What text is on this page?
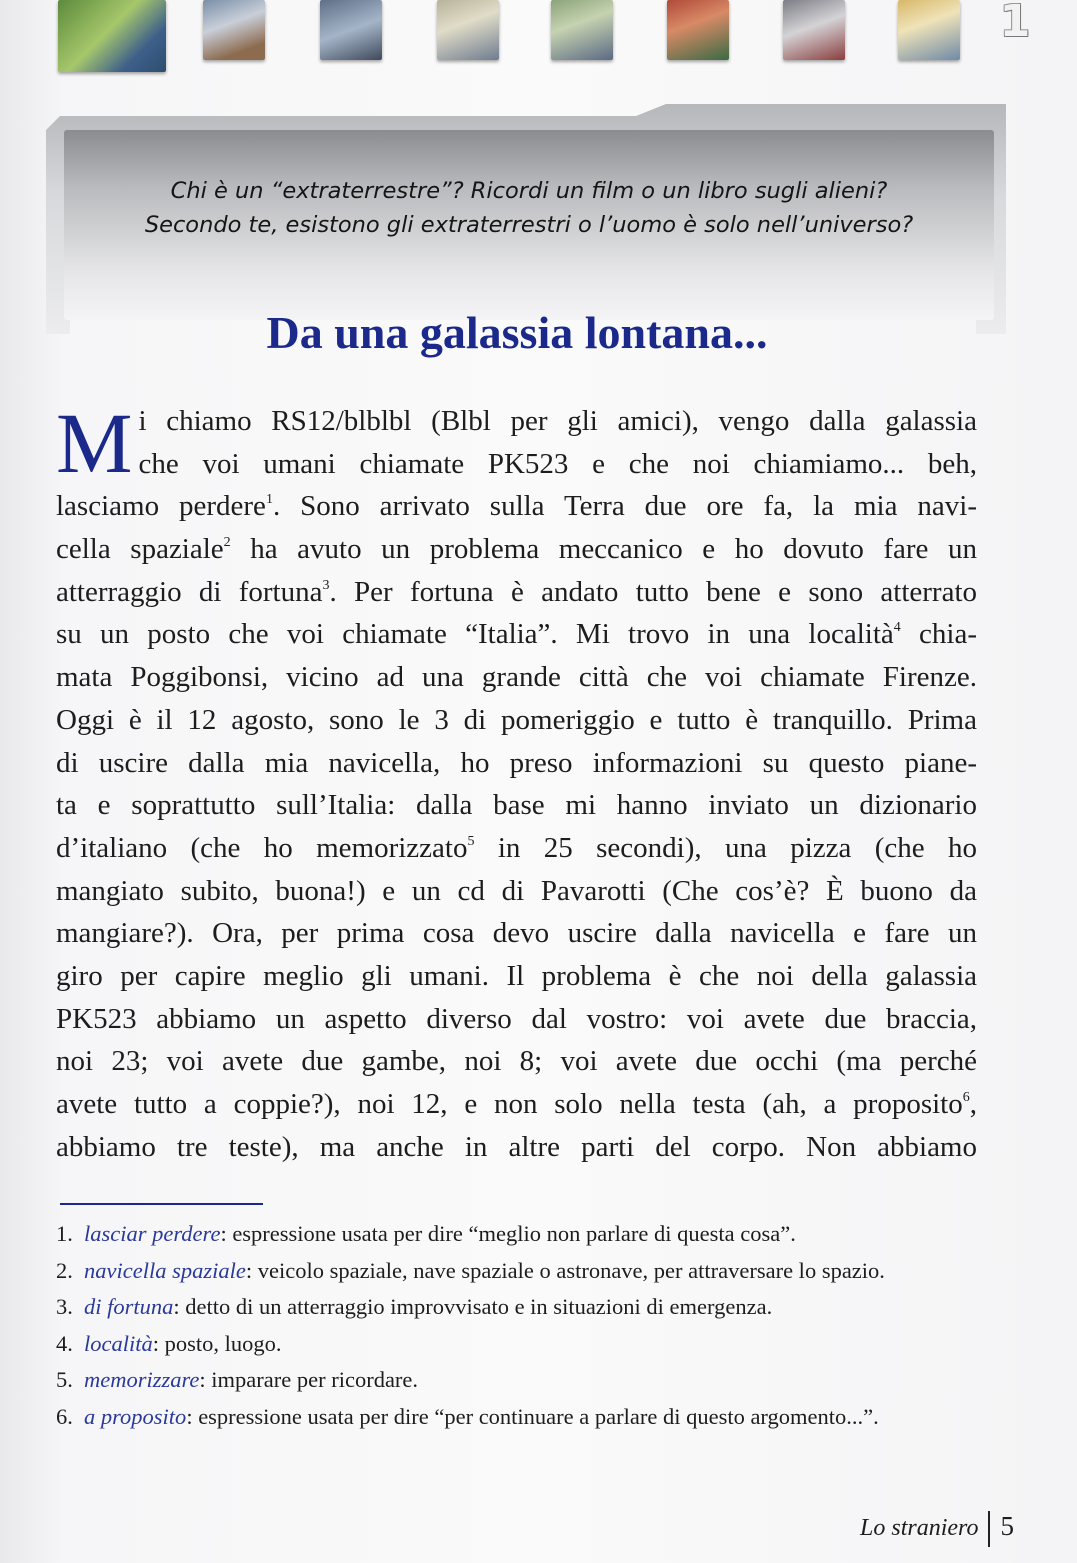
1
Chi è un “extraterrestre”? Ricordi un film o un libro sugli alieni?
Secondo te, esistono gli extraterrestri o l’uomo è solo nell’universo?
Da una galassia lontana...
M i chiamo RS12/blblbl (Blbl per gli amici), vengo dalla galassia
che voi umani chiamate PK523 e che noi chiamiamo... beh,
lasciamo perdere$^1$. Sono arrivato sulla Terra due ore fa, la mia navi-
cella spaziale$^2$ ha avuto un problema meccanico e ho dovuto fare un
atterraggio di fortuna$^3$. Per fortuna è andato tutto bene e sono atterrato
su un posto che voi chiamate “Italia”. Mi trovo in una località$^4$ chia-
mata Poggibonsi, vicino ad una grande città che voi chiamate Firenze.
Oggi è il 12 agosto, sono le 3 di pomeriggio e tutto è tranquillo. Prima
di uscire dalla mia navicella, ho preso informazioni su questo piane-
ta e soprattutto sull’Italia: dalla base mi hanno inviato un dizionario
d’italiano (che ho memorizzato$^5$ in 25 secondi), una pizza (che ho
mangiato subito, buona!) e un cd di Pavarotti (Che cos’è? È buono da
mangiare?). Ora, per prima cosa devo uscire dalla navicella e fare un
giro per capire meglio gli umani. Il problema è che noi della galassia
PK523 abbiamo un aspetto diverso dal vostro: voi avete due braccia,
noi 23; voi avete due gambe, noi 8; voi avete due occhi (ma perché
avete tutto a coppie?), noi 12, e non solo nella testa (ah, a proposito$^6$,
abbiamo tre teste), ma anche in altre parti del corpo. Non abbiamo
1. lasciar perdere: espressione usata per dire “meglio non parlare di questa cosa”.
2. navicella spaziale: veicolo spaziale, nave spaziale o astronave, per attraversare lo spazio.
3. di fortuna: detto di un atterraggio improvvisato e in situazioni di emergenza.
4. località: posto, luogo.
5. memorizzare: imparare per ricordare.
6. a proposito: espressione usata per dire “per continuare a parlare di questo argomento...”.
Lo straniero 5
